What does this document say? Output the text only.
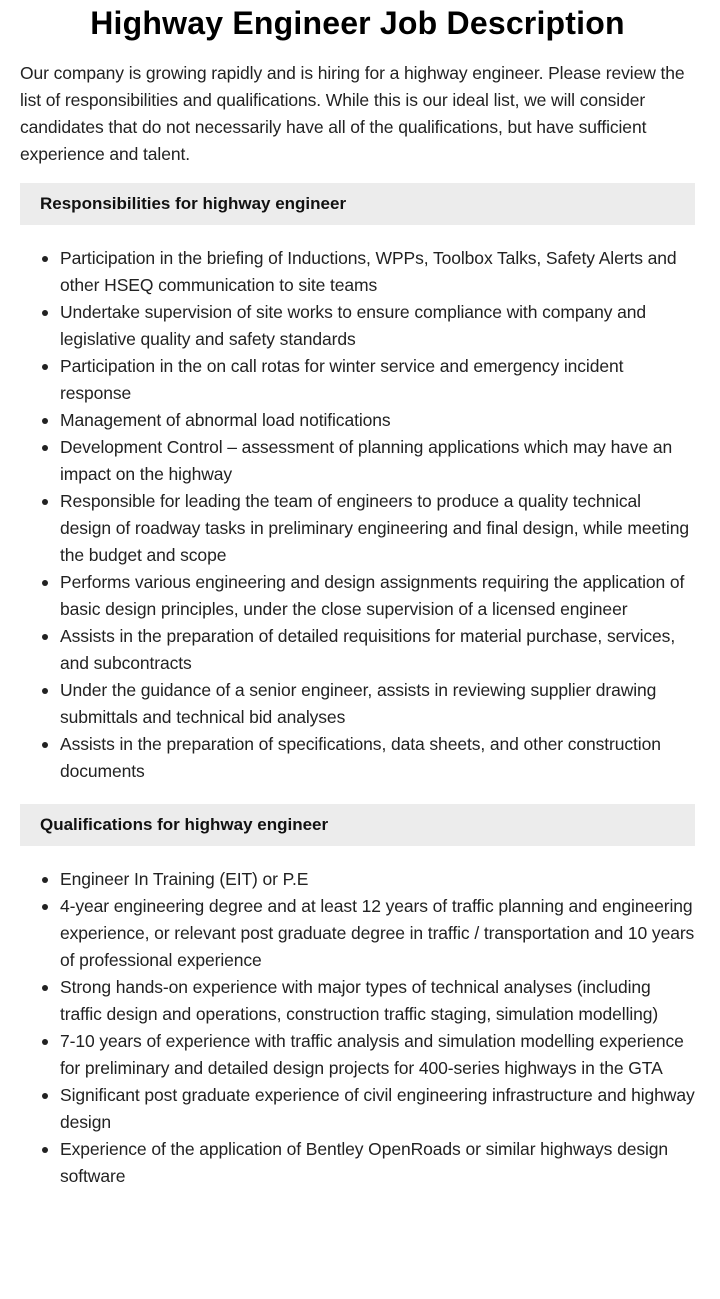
Highway Engineer Job Description

Our company is growing rapidly and is hiring for a highway engineer. Please review the list of responsibilities and qualifications. While this is our ideal list, we will consider candidates that do not necessarily have all of the qualifications, but have sufficient experience and talent.

Responsibilities for highway engineer
Participation in the briefing of Inductions, WPPs, Toolbox Talks, Safety Alerts and other HSEQ communication to site teams
Undertake supervision of site works to ensure compliance with company and legislative quality and safety standards
Participation in the on call rotas for winter service and emergency incident response
Management of abnormal load notifications
Development Control – assessment of planning applications which may have an impact on the highway
Responsible for leading the team of engineers to produce a quality technical design of roadway tasks in preliminary engineering and final design, while meeting the budget and scope
Performs various engineering and design assignments requiring the application of basic design principles, under the close supervision of a licensed engineer
Assists in the preparation of detailed requisitions for material purchase, services, and subcontracts
Under the guidance of a senior engineer, assists in reviewing supplier drawing submittals and technical bid analyses
Assists in the preparation of specifications, data sheets, and other construction documents
Qualifications for highway engineer
Engineer In Training (EIT) or P.E
4-year engineering degree and at least 12 years of traffic planning and engineering experience, or relevant post graduate degree in traffic / transportation and 10 years of professional experience
Strong hands-on experience with major types of technical analyses (including traffic design and operations, construction traffic staging, simulation modelling)
7-10 years of experience with traffic analysis and simulation modelling experience for preliminary and detailed design projects for 400-series highways in the GTA
Significant post graduate experience of civil engineering infrastructure and highway design
Experience of the application of Bentley OpenRoads or similar highways design software
